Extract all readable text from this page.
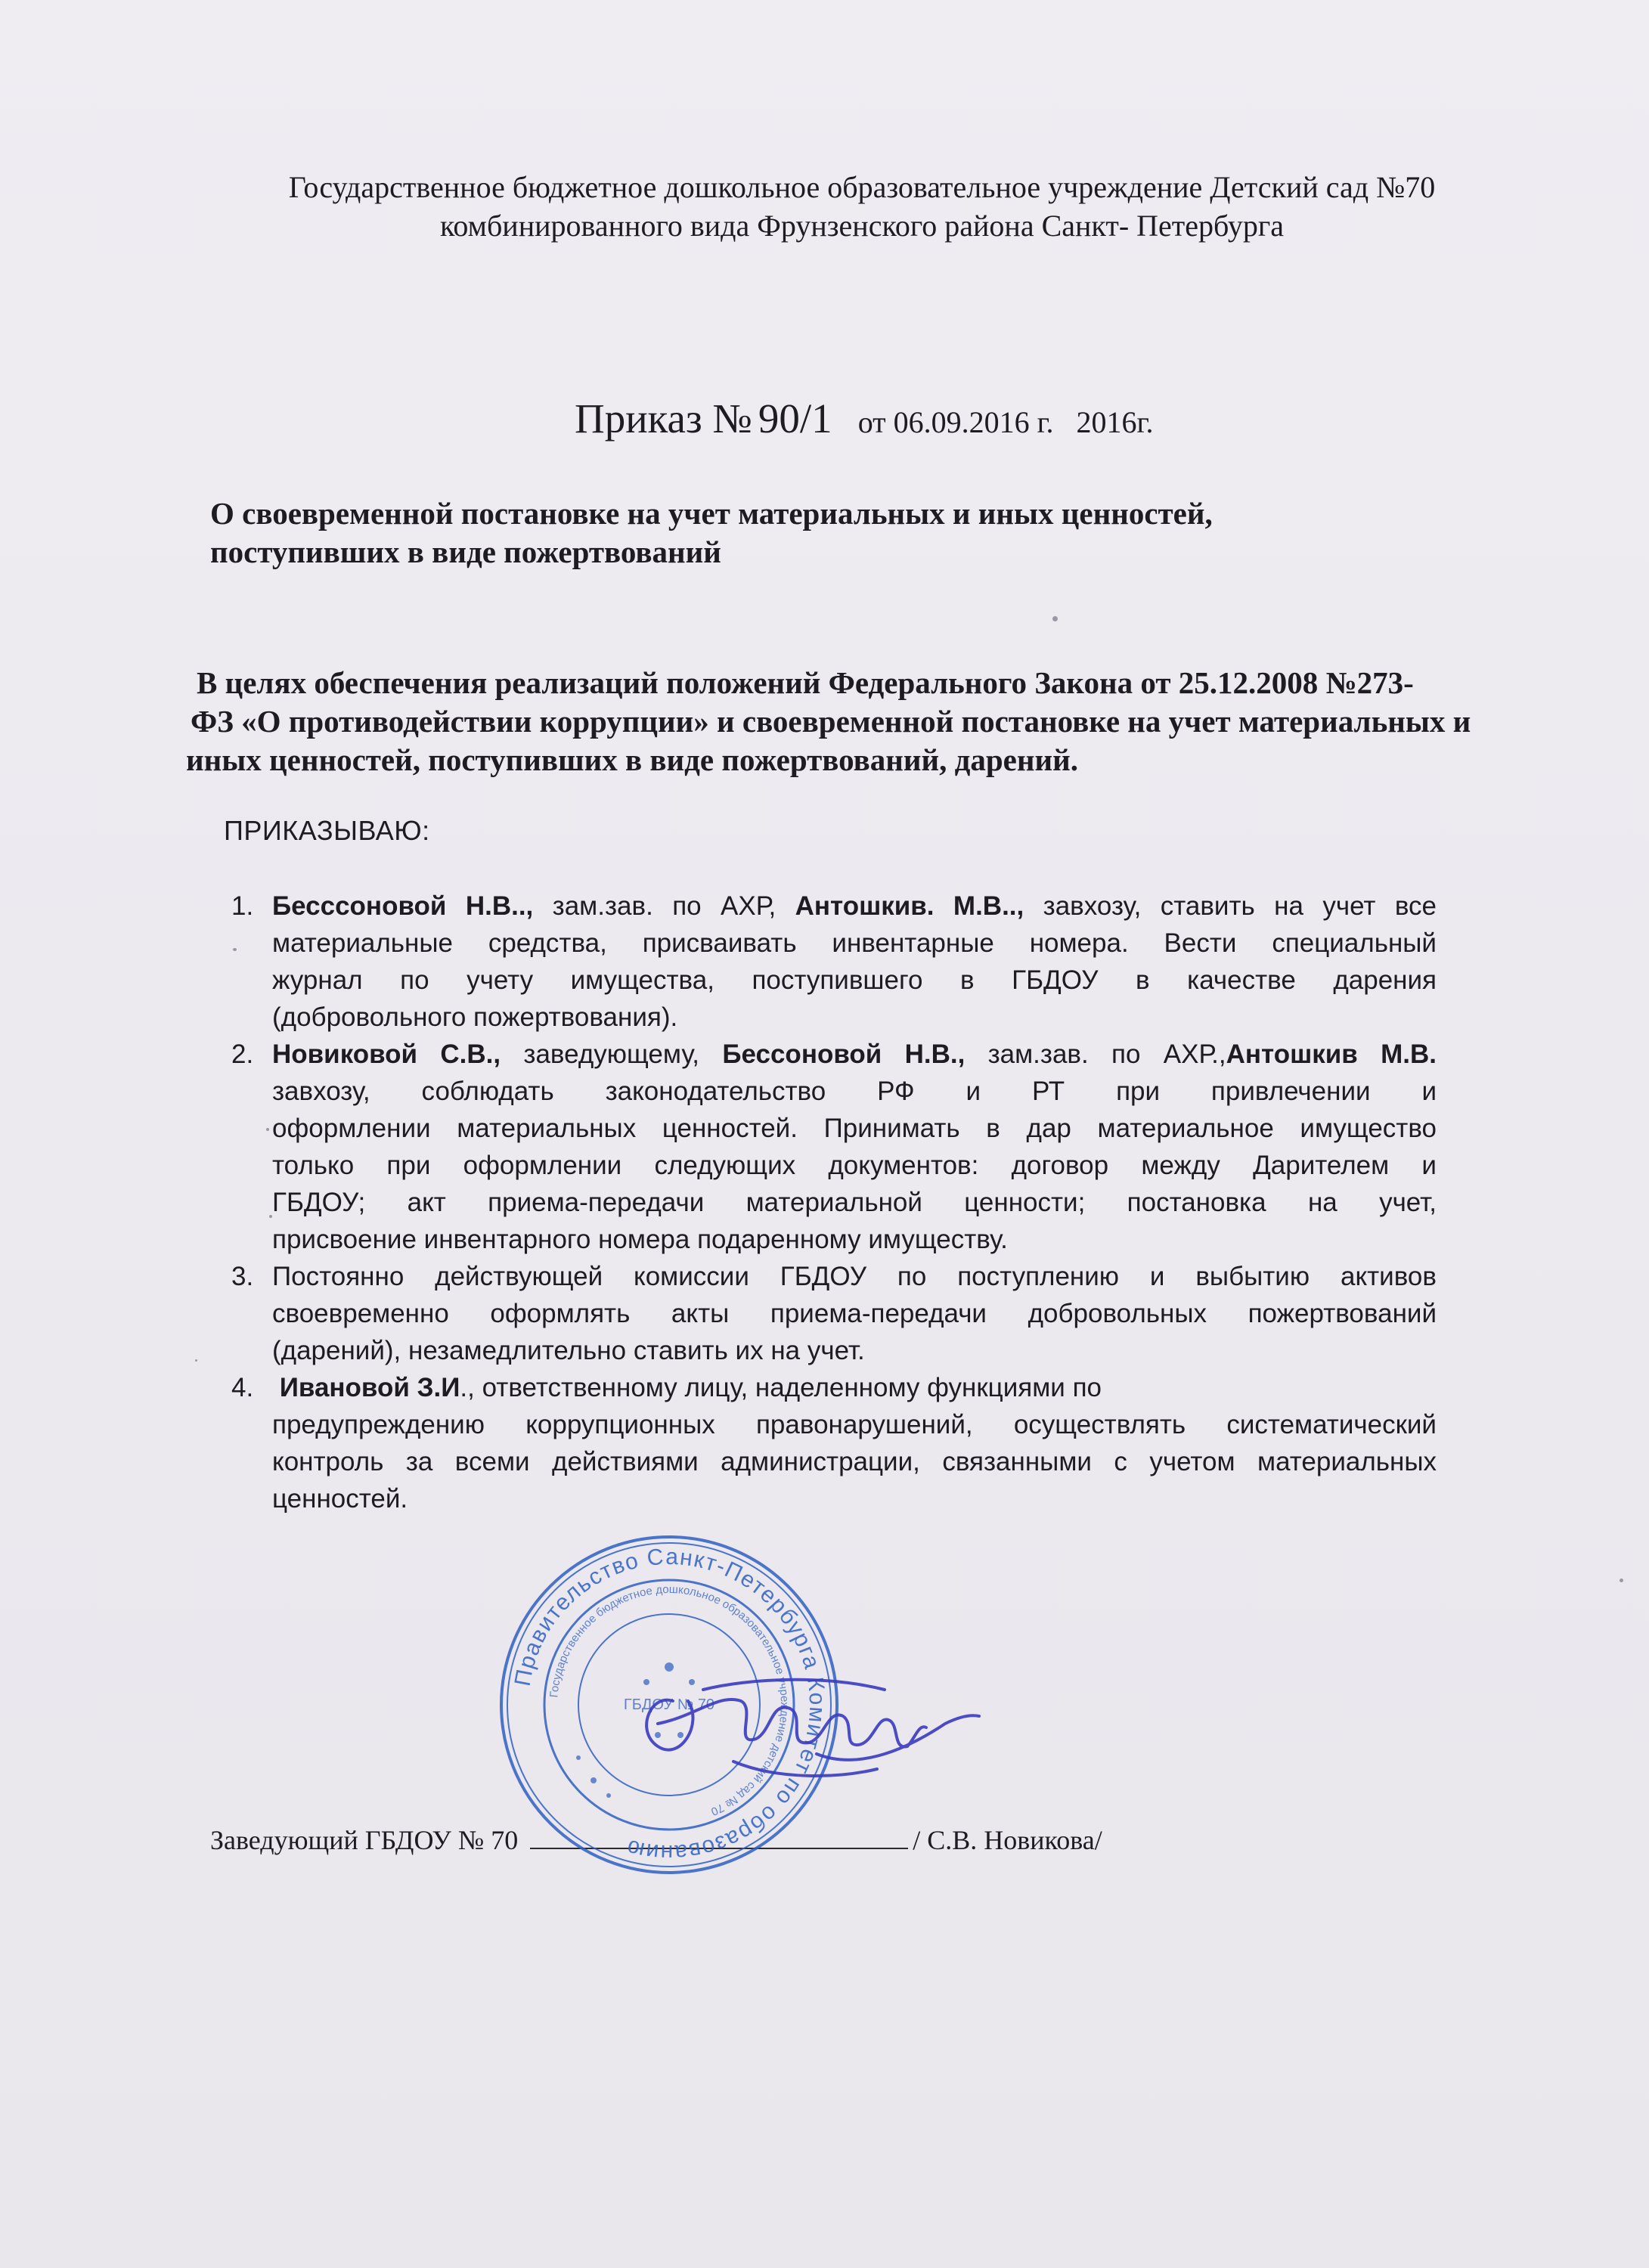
Государственное бюджетное дошкольное образовательное учреждение Детский сад №70
комбинированного вида Фрунзенского района Санкт- Петербурга
Приказ № 90/1 от 06.09.2016 г. 2016г.
О своевременной постановке на учет материальных и иных ценностей,
поступивших в виде пожертвований
В целях обеспечения реализаций положений Федерального Закона от 25.12.2008 №273-
ФЗ «О противодействии коррупции» и своевременной постановке на учет материальных и
иных ценностей, поступивших в виде пожертвований, дарений.
ПРИКАЗЫВАЮ:
1. Бесссоновой Н.В.., зам.зав. по АХР, Антошкив. М.В.., завхозу, ставить на учет все
материальные средства, присваивать инвентарные номера. Вести специальный
журнал по учету имущества, поступившего в ГБДОУ в качестве дарения
(добровольного пожертвования).
2. Новиковой С.В., заведующему, Бессоновой Н.В., зам.зав. по АХР.,Антошкив М.В.
завхозу, соблюдать законодательство РФ и РТ при привлечении и
оформлении материальных ценностей. Принимать в дар материальное имущество
только при оформлении следующих документов: договор между Дарителем и
ГБДОУ; акт приема-передачи материальной ценности; постановка на учет,
присвоение инвентарного номера подаренному имуществу.
3. Постоянно действующей комиссии ГБДОУ по поступлению и выбытию активов
своевременно оформлять акты приема-передачи добровольных пожертвований
(дарений), незамедлительно ставить их на учет.
4. Ивановой З.И., ответственному лицу, наделенному функциями по
предупреждению коррупционных правонарушений, осуществлять систематический
контроль за всеми действиями администрации, связанными с учетом материальных
ценностей.
Заведующий ГБДОУ № 70	/ С.В. Новикова/
Правительство Санкт-Петербурга Комитет по образованию
Государственное бюджетное дошкольное образовательное учреждение детский сад № 70
ГБДОУ № 70
